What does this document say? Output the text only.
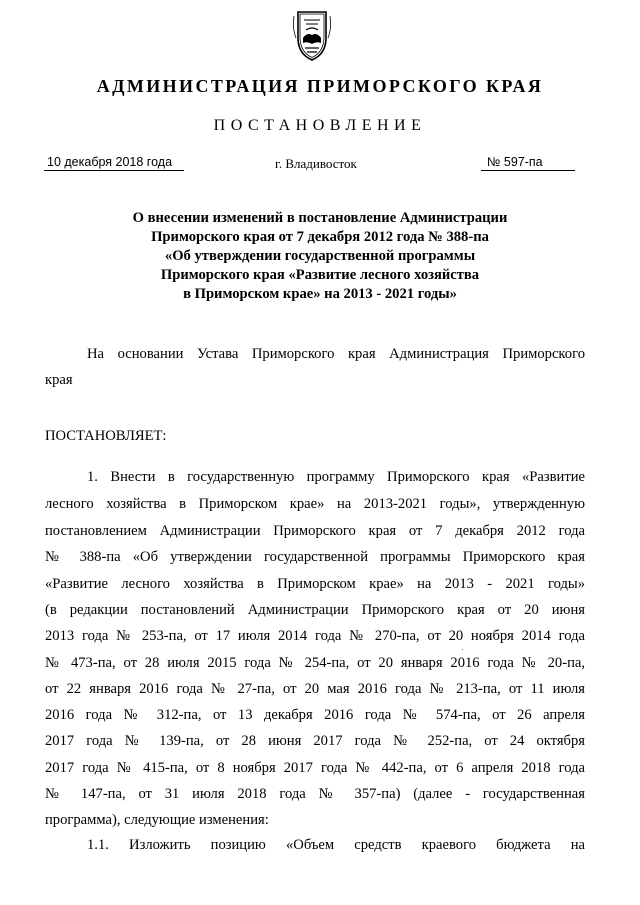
АДМИНИСТРАЦИЯ ПРИМОРСКОГО КРАЯ
ПОСТАНОВЛЕНИЕ
10 декабря 2018 года	г. Владивосток	№ 597-па
О внесении изменений в постановление Администрации
Приморского края от 7 декабря 2012 года № 388-па
«Об утверждении государственной программы
Приморского края «Развитие лесного хозяйства
в Приморском крае» на 2013 - 2021 годы»
На основании Устава Приморского края Администрация Приморского
края
ПОСТАНОВЛЯЕТ:
1. Внести в государственную программу Приморского края «Развитие
лесного хозяйства в Приморском крае» на 2013-2021 годы», утвержденную
постановлением Администрации Приморского края от 7 декабря 2012 года
№ 388-па «Об утверждении государственной программы Приморского края
«Развитие лесного хозяйства в Приморском крае» на 2013 - 2021 годы»
(в редакции постановлений Администрации Приморского края от 20 июня
2013 года № 253-па, от 17 июля 2014 года № 270-па, от 20 ноября 2014 года
№ 473-па, от 28 июля 2015 года № 254-па, от 20 января 2016 года № 20-па,
от 22 января 2016 года № 27-па, от 20 мая 2016 года № 213-па, от 11 июля
2016 года № 312-па, от 13 декабря 2016 года № 574-па, от 26 апреля
2017 года № 139-па, от 28 июня 2017 года № 252-па, от 24 октября
2017 года № 415-па, от 8 ноября 2017 года № 442-па, от 6 апреля 2018 года
№ 147-па, от 31 июля 2018 года № 357-па) (далее - государственная
программа), следующие изменения:
1.1. Изложить позицию «Объем средств краевого бюджета на
